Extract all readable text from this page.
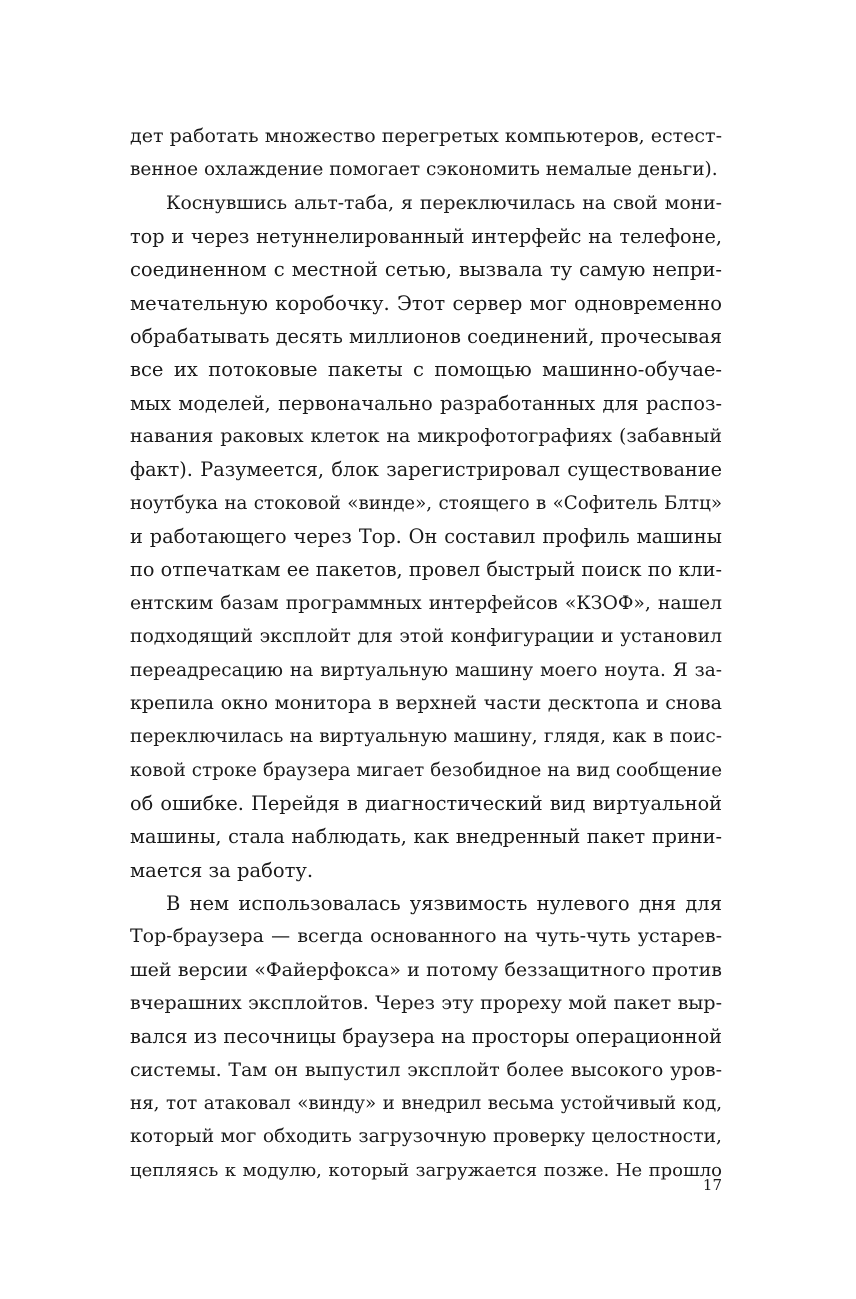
дет работать множество перегретых компьютеров, естест-
венное охлаждение помогает сэкономить немалые деньги).
Коснувшись альт-таба, я переключилась на свой мони-
тор и через нетуннелированный интерфейс на телефоне,
соединенном с местной сетью, вызвала ту самую непри-
мечательную коробочку. Этот сервер мог одновременно
обрабатывать десять миллионов соединений, прочесывая
все их потоковые пакеты с помощью машинно-обучае-
мых моделей, первоначально разработанных для распоз-
навания раковых клеток на микрофотографиях (забавный
факт). Разумеется, блок зарегистрировал существование
ноутбука на стоковой «винде», стоящего в «Софитель Блтц»
и работающего через Тор. Он составил профиль машины
по отпечаткам ее пакетов, провел быстрый поиск по кли-
ентским базам программных интерфейсов «КЗОФ», нашел
подходящий эксплойт для этой конфигурации и установил
переадресацию на виртуальную машину моего ноута. Я за-
крепила окно монитора в верхней части десктопа и снова
переключилась на виртуальную машину, глядя, как в поис-
ковой строке браузера мигает безобидное на вид сообщение
об ошибке. Перейдя в диагностический вид виртуальной
машины, стала наблюдать, как внедренный пакет прини-
мается за работу.
В нем использовалась уязвимость нулевого дня для
Тор-браузера — всегда основанного на чуть-чуть устарев-
шей версии «Файерфокса» и потому беззащитного против
вчерашних эксплойтов. Через эту прореху мой пакет выр-
вался из песочницы браузера на просторы операционной
системы. Там он выпустил эксплойт более высокого уров-
ня, тот атаковал «винду» и внедрил весьма устойчивый код,
который мог обходить загрузочную проверку целостности,
цепляясь к модулю, который загружается позже. Не прошло
17
